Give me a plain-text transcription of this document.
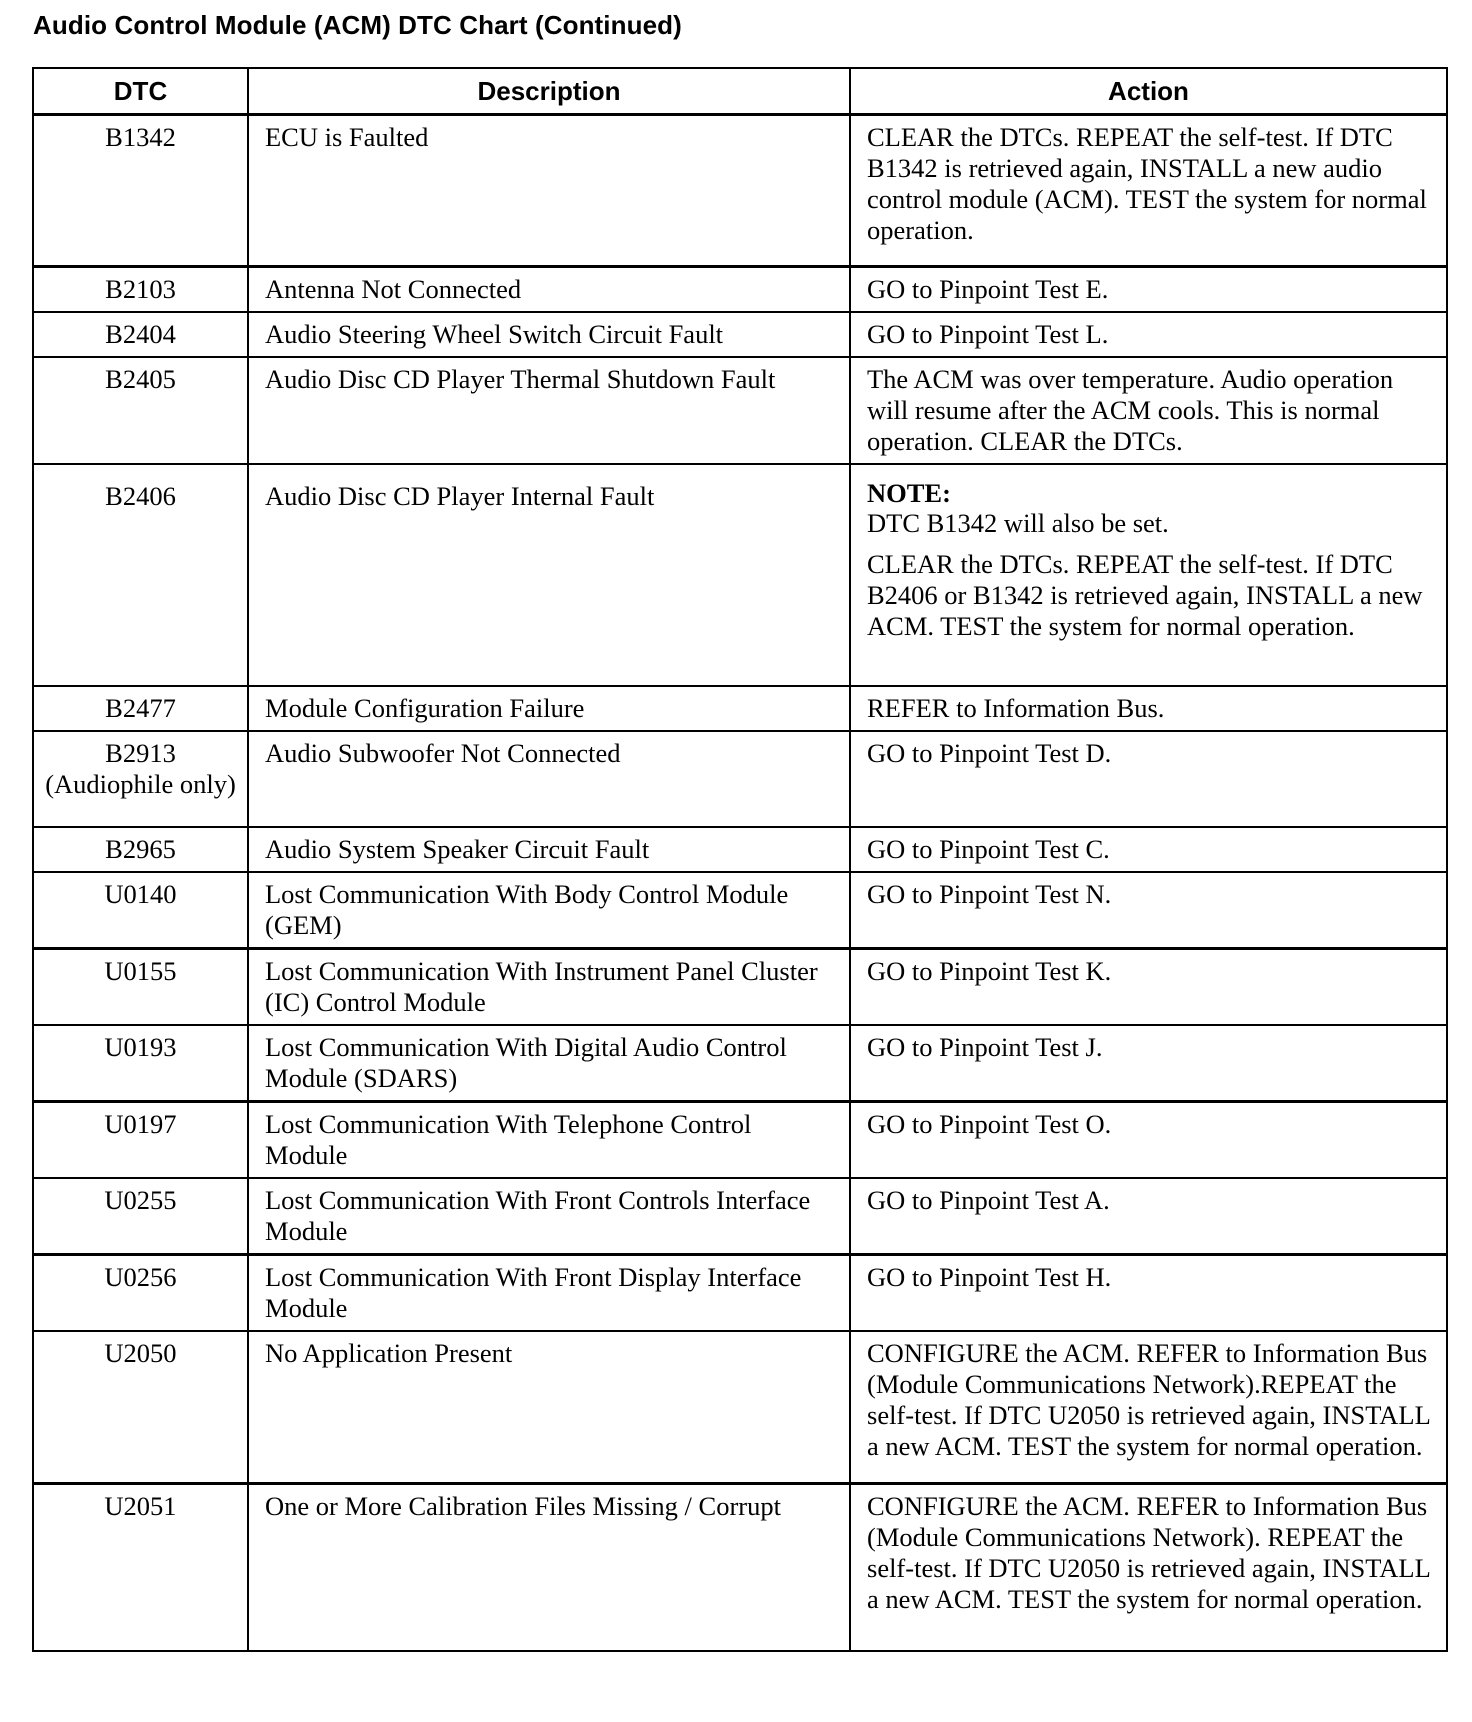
Audio Control Module (ACM) DTC Chart (Continued)
DTC	Description	Action
B1342	ECU is Faulted	CLEAR the DTCs. REPEAT the self-test. If DTC B1342 is retrieved again, INSTALL a new audio control module (ACM). TEST the system for normal operation.
B2103	Antenna Not Connected	GO to Pinpoint Test E.
B2404	Audio Steering Wheel Switch Circuit Fault	GO to Pinpoint Test L.
B2405	Audio Disc CD Player Thermal Shutdown Fault	The ACM was over temperature. Audio operation will resume after the ACM cools. This is normal operation. CLEAR the DTCs.
B2406	Audio Disc CD Player Internal Fault	NOTE:
DTC B1342 will also be set.
CLEAR the DTCs. REPEAT the self-test. If DTC B2406 or B1342 is retrieved again, INSTALL a new ACM. TEST the system for normal operation.

B2477	Module Configuration Failure	REFER to Information Bus.
B2913 (Audiophile only)	Audio Subwoofer Not Connected	GO to Pinpoint Test D.
B2965	Audio System Speaker Circuit Fault	GO to Pinpoint Test C.
U0140	Lost Communication With Body Control Module (GEM)	GO to Pinpoint Test N.
U0155	Lost Communication With Instrument Panel Cluster (IC) Control Module	GO to Pinpoint Test K.
U0193	Lost Communication With Digital Audio Control Module (SDARS)	GO to Pinpoint Test J.
U0197	Lost Communication With Telephone Control Module	GO to Pinpoint Test O.
U0255	Lost Communication With Front Controls Interface Module	GO to Pinpoint Test A.
U0256	Lost Communication With Front Display Interface Module	GO to Pinpoint Test H.
U2050	No Application Present	CONFIGURE the ACM. REFER to Information Bus (Module Communications Network).REPEAT the self-test. If DTC U2050 is retrieved again, INSTALL a new ACM. TEST the system for normal operation.
U2051	One or More Calibration Files Missing / Corrupt	CONFIGURE the ACM. REFER to Information Bus (Module Communications Network). REPEAT the self-test. If DTC U2050 is retrieved again, INSTALL a new ACM. TEST the system for normal operation.
